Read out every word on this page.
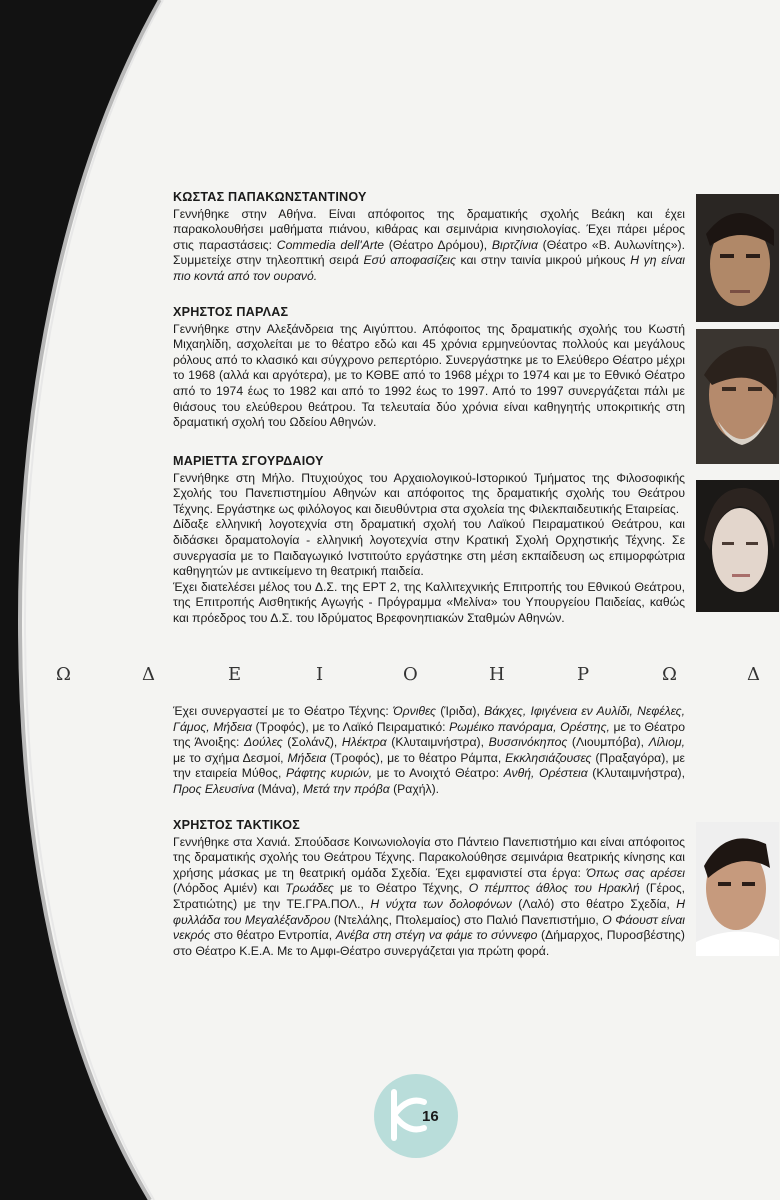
ΚΩΣΤΑΣ ΠΑΠΑΚΩΝΣΤΑΝΤΙΝΟΥ

Γεννήθηκε στην Αθήνα. Είναι απόφοιτος της δραματικής σχολής Βεάκη και έχει παρακολουθήσει μαθήματα πιάνου, κιθάρας και σεμινάρια κινησιολογίας. Έχει πάρει μέρος στις παραστάσεις: Commedia dell'Arte (Θέατρο Δρόμου), Βιρτζίνια (Θέατρο «Β. Αυλωνίτης»). Συμμετείχε στην τηλεοπτική σειρά Εσύ αποφασίζεις και στην ταινία μικρού μήκους Η γη είναι πιο κοντά από τον ουρανό.

ΧΡΗΣΤΟΣ ΠΑΡΛΑΣ

Γεννήθηκε στην Αλεξάνδρεια της Αιγύπτου. Απόφοιτος της δραματικής σχολής του Κωστή Μιχαηλίδη, ασχολείται με το θέατρο εδώ και 45 χρόνια ερμηνεύοντας πολλούς και μεγάλους ρόλους από το κλασικό και σύγχρονο ρεπερτόριο. Συνεργάστηκε με το Ελεύθερο Θέατρο μέχρι το 1968 (αλλά και αργότερα), με το ΚΘΒΕ από το 1968 μέχρι το 1974 και με το Εθνικό Θέατρο από το 1974 έως το 1982 και από το 1992 έως το 1997. Από το 1997 συνεργάζεται πάλι με θιάσους του ελεύθερου θεάτρου. Τα τελευταία δύο χρόνια είναι καθηγητής υποκριτικής στη δραματική σχολή του Ωδείου Αθηνών.

ΜΑΡΙΕΤΤΑ ΣΓΟΥΡΔΑΙΟΥ

Γεννήθηκε στη Μήλο. Πτυχιούχος του Αρχαιολογικού-Ιστορικού Τμήματος της Φιλοσοφικής Σχολής του Πανεπιστημίου Αθηνών και απόφοιτος της δραματικής σχολής του Θεάτρου Τέχνης. Εργάστηκε ως φιλόλογος και διευθύντρια στα σχολεία της Φιλεκπαιδευτικής Εταιρείας.

Δίδαξε ελληνική λογοτεχνία στη δραματική σχολή του Λαϊκού Πειραματικού Θεάτρου, και διδάσκει δραματολογία - ελληνική λογοτεχνία στην Κρατική Σχολή Ορχηστικής Τέχνης. Σε συνεργασία με το Παιδαγωγικό Ινστιτούτο εργάστηκε στη μέση εκπαίδευση ως επιμορφώτρια καθηγητών με αντικείμενο τη θεατρική παιδεία.

Έχει διατελέσει μέλος του Δ.Σ. της ΕΡΤ 2, της Καλλιτεχνικής Επιτροπής του Εθνικού Θεάτρου, της Επιτροπής Αισθητικής Αγωγής - Πρόγραμμα «Μελίνα» του Υπουργείου Παιδείας, καθώς και πρόεδρος του Δ.Σ. του Ιδρύματος Βρεφονηπιακών Σταθμών Αθηνών.

Ω	Δ	Ε	Ι	Ο	Η	Ρ	Ω	Δ

Έχει συνεργαστεί με το Θέατρο Τέχνης: Όρνιθες (Ίριδα), Βάκχες, Ιφιγένεια εν Αυλίδι, Νεφέλες, Γάμος, Μήδεια (Τροφός), με το Λαϊκό Πειραματικό: Ρωμέικο πανόραμα, Ορέστης, με το Θέατρο της Άνοιξης: Δούλες (Σολάνζ), Ηλέκτρα (Κλυταιμνήστρα), Βυσσινόκηπος (Λιουμπόβα), Λίλιομ, με το σχήμα Δεσμοί, Μήδεια (Τροφός), με το θέατρο Ράμπα, Εκκλησιάζουσες (Πραξαγόρα), με την εταιρεία Μύθος, Ράφτης κυριών, με το Ανοιχτό Θέατρο: Ανθή, Ορέστεια (Κλυταιμνήστρα), Προς Ελευσίνα (Μάνα), Μετά την πρόβα (Ραχήλ).

ΧΡΗΣΤΟΣ ΤΑΚΤΙΚΟΣ

Γεννήθηκε στα Χανιά. Σπούδασε Κοινωνιολογία στο Πάντειο Πανεπιστήμιο και είναι απόφοιτος της δραματικής σχολής του Θεάτρου Τέχνης. Παρακολούθησε σεμινάρια θεατρικής κίνησης και χρήσης μάσκας με τη θεατρική ομάδα Σχεδία. Έχει εμφανιστεί στα έργα: Όπως σας αρέσει (Λόρδος Αμιέν) και Τρωάδες με το Θέατρο Τέχνης, Ο πέμπτος άθλος του Ηρακλή (Γέρος, Στρατιώτης) με την ΤΕ.ΓΡΑ.ΠΟΛ., Η νύχτα των δολοφόνων (Λαλό) στο θέατρο Σχεδία, Η φυλλάδα του Μεγαλέξανδρου (Ντελάλης, Πτολεμαίος) στο Παλιό Πανεπιστήμιο, Ο Φάουστ είναι νεκρός στο θέατρο Εντροπία, Ανέβα στη στέγη να φάμε το σύννεφο (Δήμαρχος, Πυροσβέστης) στο Θέατρο Κ.Ε.Α. Με το Αμφι-Θέατρο συνεργάζεται για πρώτη φορά.

16
